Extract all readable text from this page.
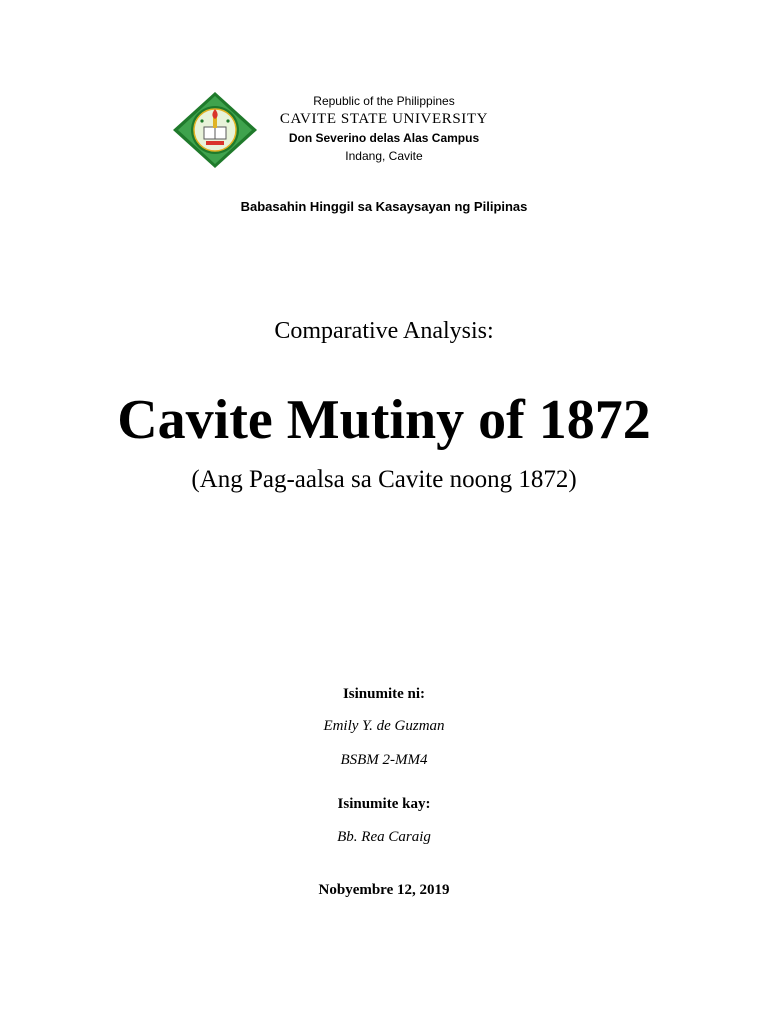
Republic of the Philippines
CAVITE STATE UNIVERSITY
Don Severino delas Alas Campus
Indang, Cavite
Babasahin Hinggil sa Kasaysayan ng Pilipinas
Comparative Analysis:
Cavite Mutiny of 1872
(Ang Pag-aalsa sa Cavite noong 1872)
Isinumite ni:
Emily Y. de Guzman
BSBM 2-MM4
Isinumite kay:
Bb. Rea Caraig
Nobyembre 12, 2019
